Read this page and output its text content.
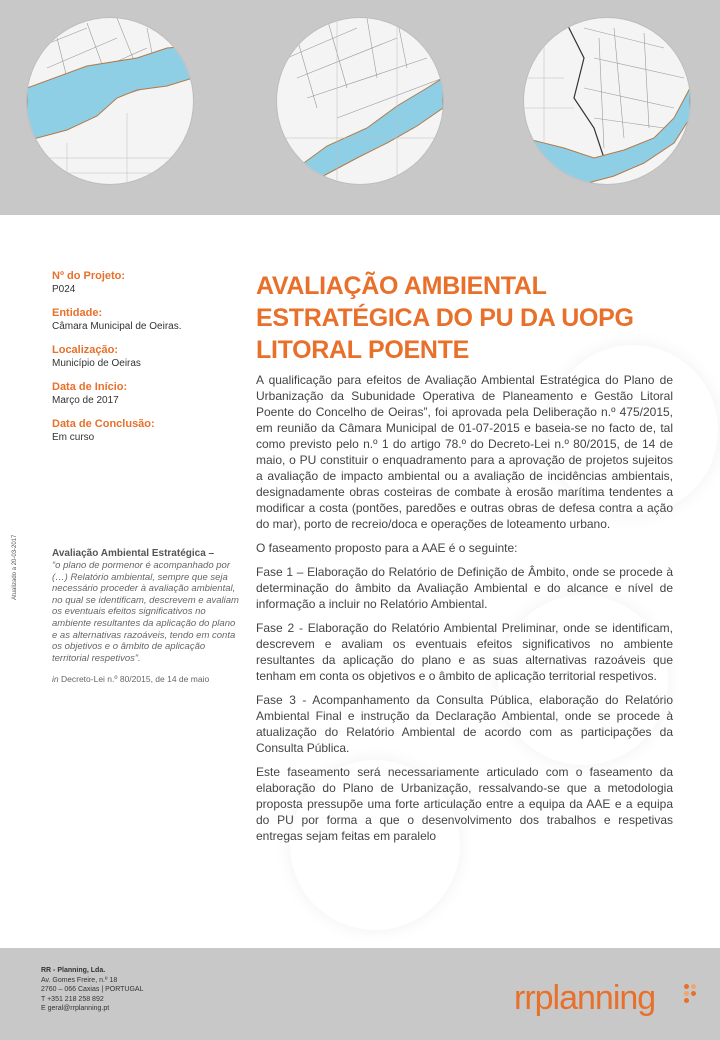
Nº do Projeto:
P024
Entidade:
Câmara Municipal de Oeiras.
Localização:
Município de Oeiras
Data de Início:
Março de 2017
Data de Conclusão:
Em curso
Atualizado a 20-03-2017	Avaliação Ambiental Estratégica –
“o plano de pormenor é acompanhado por (…) Relatório ambiental, sempre que seja necessário proceder à avaliação ambiental, no qual se identificam, descrevem e avaliam os eventuais efeitos significativos no ambiente resultantes da aplicação do plano e as alternativas razoáveis, tendo em conta os objetivos e o âmbito de aplicação territorial respetivos”.
in Decreto-Lei n.º 80/2015, de 14 de maio
AVALIAÇÃO AMBIENTAL ESTRATÉGICA DO PU DA UOPG LITORAL POENTE

A qualificação para efeitos de Avaliação Ambiental Estratégica do Plano de Urbanização da Subunidade Operativa de Planeamento e Gestão Litoral Poente do Concelho de Oeiras”, foi aprovada pela Deliberação n.º 475/2015, em reunião da Câmara Municipal de 01-07-2015 e baseia-se no facto de, tal como previsto pelo n.º 1 do artigo 78.º do Decreto-Lei n.º 80/2015, de 14 de maio, o PU constituir o enquadramento para a aprovação de projetos sujeitos a avaliação de impacto ambiental ou a avaliação de incidências ambientais, designadamente obras costeiras de combate à erosão marítima tendentes a modificar a costa (pontões, paredões e outras obras de defesa contra a ação do mar), porto de recreio/doca e operações de loteamento urbano.

O faseamento proposto para a AAE é o seguinte:

Fase 1 – Elaboração do Relatório de Definição de Âmbito, onde se procede à determinação do âmbito da Avaliação Ambiental e do alcance e nível de informação a incluir no Relatório Ambiental.

Fase 2 - Elaboração do Relatório Ambiental Preliminar, onde se identificam, descrevem e avaliam os eventuais efeitos significativos no ambiente resultantes da aplicação do plano e as suas alternativas razoáveis que tenham em conta os objetivos e o âmbito de aplicação territorial respetivos.

Fase 3 - Acompanhamento da Consulta Pública, elaboração do Relatório Ambiental Final e instrução da Declaração Ambiental, onde se procede à atualização do Relatório Ambiental de acordo com as participações da Consulta Pública.

Este faseamento será necessariamente articulado com o faseamento da elaboração do Plano de Urbanização, ressalvando-se que a metodologia proposta pressupõe uma forte articulação entre a equipa da AAE e a equipa do PU por forma a que o desenvolvimento dos trabalhos e respetivas entregas sejam feitas em paralelo

RR - Planning, Lda.
Av. Gomes Freire, n.º 18
2760 – 066 Caxias | PORTUGAL
T +351 218 258 892
E geral@rrplanning.pt	rrplanning
